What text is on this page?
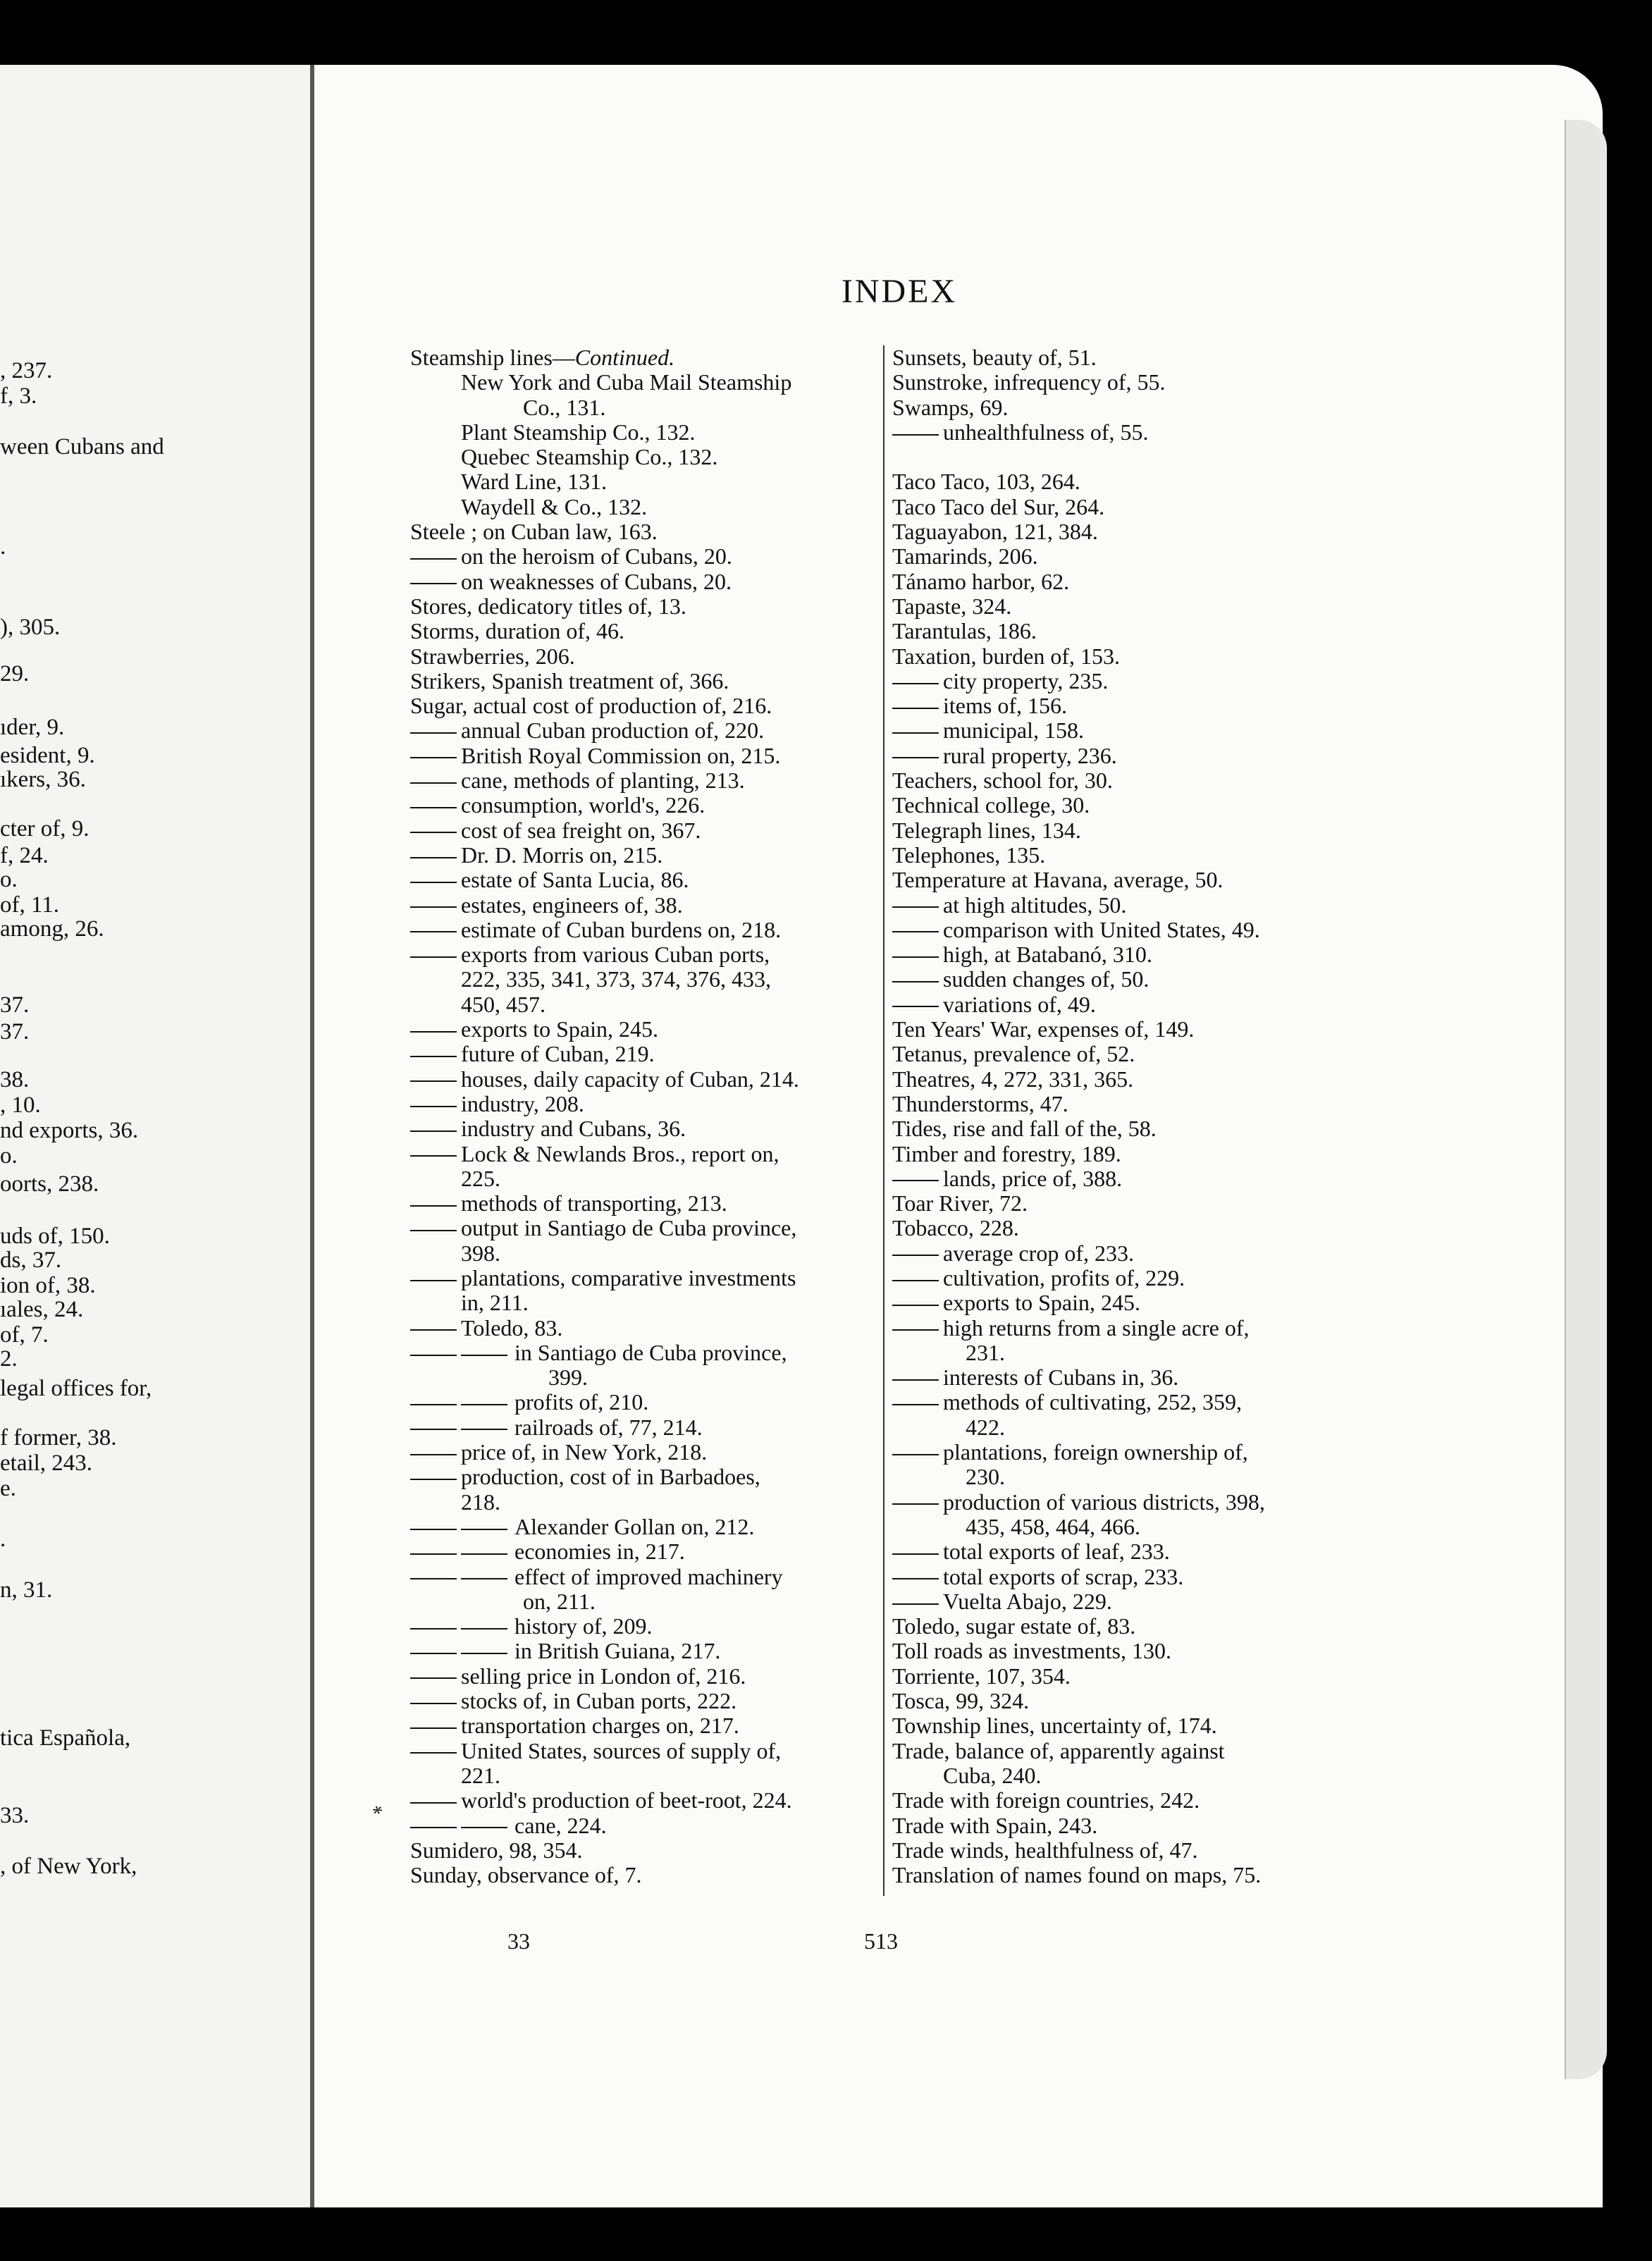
, 237.
f, 3.
ween Cubans and
.
), 305.
29.
ıder, 9.
esident, 9.
ıkers, 36.
cter of, 9.
f, 24.
o.
of, 11.
among, 26.
37.
37.
38.
, 10.
nd exports, 36.
o.
oorts, 238.
uds of, 150.
ds, 37.
ion of, 38.
ıales, 24.
of, 7.
2.
legal offices for,
f former, 38.
etail, 243.
e.
.
n, 31.
tica Española,
33.
, of New York,
INDEX
Steamship lines—Continued.
New York and Cuba Mail Steamship
Co., 131.
Plant Steamship Co., 132.
Quebec Steamship Co., 132.
Ward Line, 131.
Waydell & Co., 132.
Steele ; on Cuban law, 163.
on the heroism of Cubans, 20.
on weaknesses of Cubans, 20.
Stores, dedicatory titles of, 13.
Storms, duration of, 46.
Strawberries, 206.
Strikers, Spanish treatment of, 366.
Sugar, actual cost of production of, 216.
annual Cuban production of, 220.
British Royal Commission on, 215.
cane, methods of planting, 213.
consumption, world's, 226.
cost of sea freight on, 367.
Dr. D. Morris on, 215.
estate of Santa Lucia, 86.
estates, engineers of, 38.
estimate of Cuban burdens on, 218.
exports from various Cuban ports,
222, 335, 341, 373, 374, 376, 433,
450, 457.
exports to Spain, 245.
future of Cuban, 219.
houses, daily capacity of Cuban, 214.
industry, 208.
industry and Cubans, 36.
Lock & Newlands Bros., report on,
225.
methods of transporting, 213.
output in Santiago de Cuba province,
398.
plantations, comparative investments
in, 211.
Toledo, 83.
in Santiago de Cuba province,
399.
profits of, 210.
railroads of, 77, 214.
price of, in New York, 218.
production, cost of in Barbadoes,
218.
Alexander Gollan on, 212.
economies in, 217.
effect of improved machinery
on, 211.
history of, 209.
in British Guiana, 217.
selling price in London of, 216.
stocks of, in Cuban ports, 222.
transportation charges on, 217.
United States, sources of supply of,
221.
world's production of beet-root, 224.
cane, 224.
Sumidero, 98, 354.
Sunday, observance of, 7.
Sunsets, beauty of, 51.
Sunstroke, infrequency of, 55.
Swamps, 69.
unhealthfulness of, 55.
Taco Taco, 103, 264.
Taco Taco del Sur, 264.
Taguayabon, 121, 384.
Tamarinds, 206.
Tánamo harbor, 62.
Tapaste, 324.
Tarantulas, 186.
Taxation, burden of, 153.
city property, 235.
items of, 156.
municipal, 158.
rural property, 236.
Teachers, school for, 30.
Technical college, 30.
Telegraph lines, 134.
Telephones, 135.
Temperature at Havana, average, 50.
at high altitudes, 50.
comparison with United States, 49.
high, at Batabanó, 310.
sudden changes of, 50.
variations of, 49.
Ten Years' War, expenses of, 149.
Tetanus, prevalence of, 52.
Theatres, 4, 272, 331, 365.
Thunderstorms, 47.
Tides, rise and fall of the, 58.
Timber and forestry, 189.
lands, price of, 388.
Toar River, 72.
Tobacco, 228.
average crop of, 233.
cultivation, profits of, 229.
exports to Spain, 245.
high returns from a single acre of,
231.
interests of Cubans in, 36.
methods of cultivating, 252, 359,
422.
plantations, foreign ownership of,
230.
production of various districts, 398,
435, 458, 464, 466.
total exports of leaf, 233.
total exports of scrap, 233.
Vuelta Abajo, 229.
Toledo, sugar estate of, 83.
Toll roads as investments, 130.
Torriente, 107, 354.
Tosca, 99, 324.
Township lines, uncertainty of, 174.
Trade, balance of, apparently against
Cuba, 240.
Trade with foreign countries, 242.
Trade with Spain, 243.
Trade winds, healthfulness of, 47.
Translation of names found on maps, 75.
*
33	513
